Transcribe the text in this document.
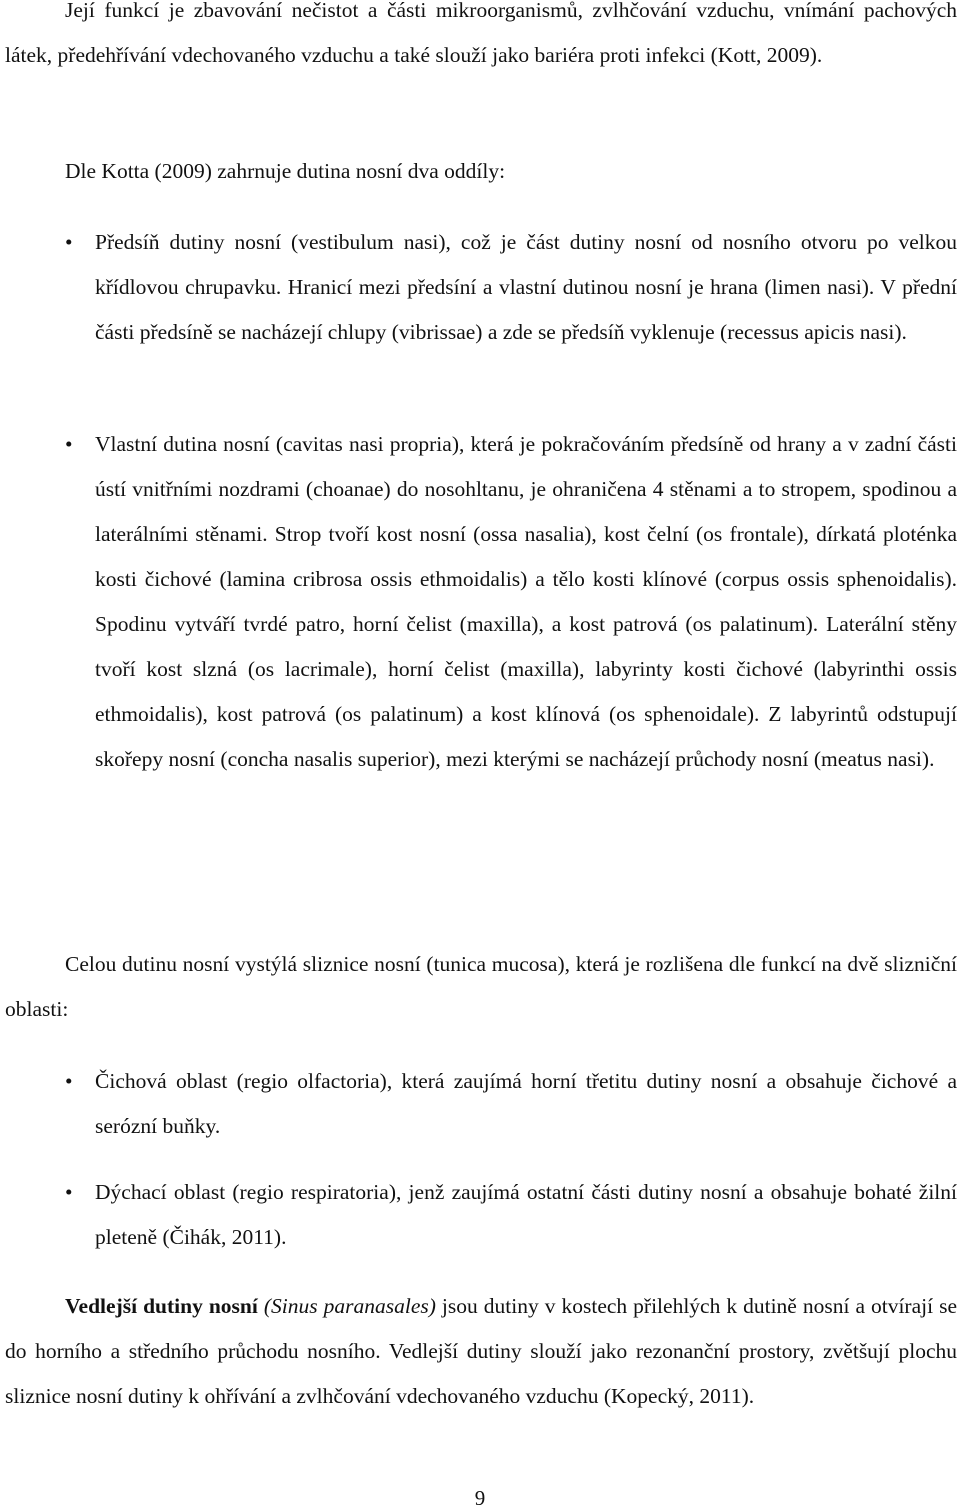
Její funkcí je zbavování nečistot a části mikroorganismů, zvlhčování vzduchu, vnímání pachových látek, předehřívání vdechovaného vzduchu a také slouží jako bariéra proti infekci (Kott, 2009).

Dle Kotta (2009) zahrnuje dutina nosní dva oddíly:

•	Předsíň dutiny nosní (vestibulum nasi), což je část dutiny nosní od nosního otvoru po velkou křídlovou chrupavku. Hranicí mezi předsíní a vlastní dutinou nosní je hrana (limen nasi). V přední části předsíně se nacházejí chlupy (vibrissae) a zde se předsíň vyklenuje (recessus apicis nasi).

•	Vlastní dutina nosní (cavitas nasi propria), která je pokračováním předsíně od hrany a v zadní části ústí vnitřními nozdrami (choanae) do nosohltanu, je ohraničena 4 stěnami a to stropem, spodinou a laterálními stěnami. Strop tvoří kost nosní (ossa nasalia), kost čelní (os frontale), dírkatá ploténka kosti čichové (lamina cribrosa ossis ethmoidalis) a tělo kosti klínové (corpus ossis sphenoidalis). Spodinu vytváří tvrdé patro, horní čelist (maxilla), a kost patrová (os palatinum). Laterální stěny tvoří kost slzná (os lacrimale), horní čelist (maxilla), labyrinty kosti čichové (labyrinthi ossis ethmoidalis), kost patrová (os palatinum) a kost klínová (os sphenoidale). Z labyrintů odstupují skořepy nosní (concha nasalis superior), mezi kterými se nacházejí průchody nosní (meatus nasi).

Celou dutinu nosní vystýlá sliznice nosní (tunica mucosa), která je rozlišena dle funkcí na dvě slizniční oblasti:

•	Čichová oblast (regio olfactoria), která zaujímá horní třetitu dutiny nosní a obsahuje čichové a serózní buňky.

•	Dýchací oblast (regio respiratoria), jenž zaujímá ostatní části dutiny nosní a obsahuje bohaté žilní pleteně (Čihák, 2011).

Vedlejší dutiny nosní (Sinus paranasales) jsou dutiny v kostech přilehlých k dutině nosní a otvírají se do horního a středního průchodu nosního. Vedlejší dutiny slouží jako rezonanční prostory, zvětšují plochu sliznice nosní dutiny k ohřívání a zvlhčování vdechovaného vzduchu (Kopecký, 2011).

9
